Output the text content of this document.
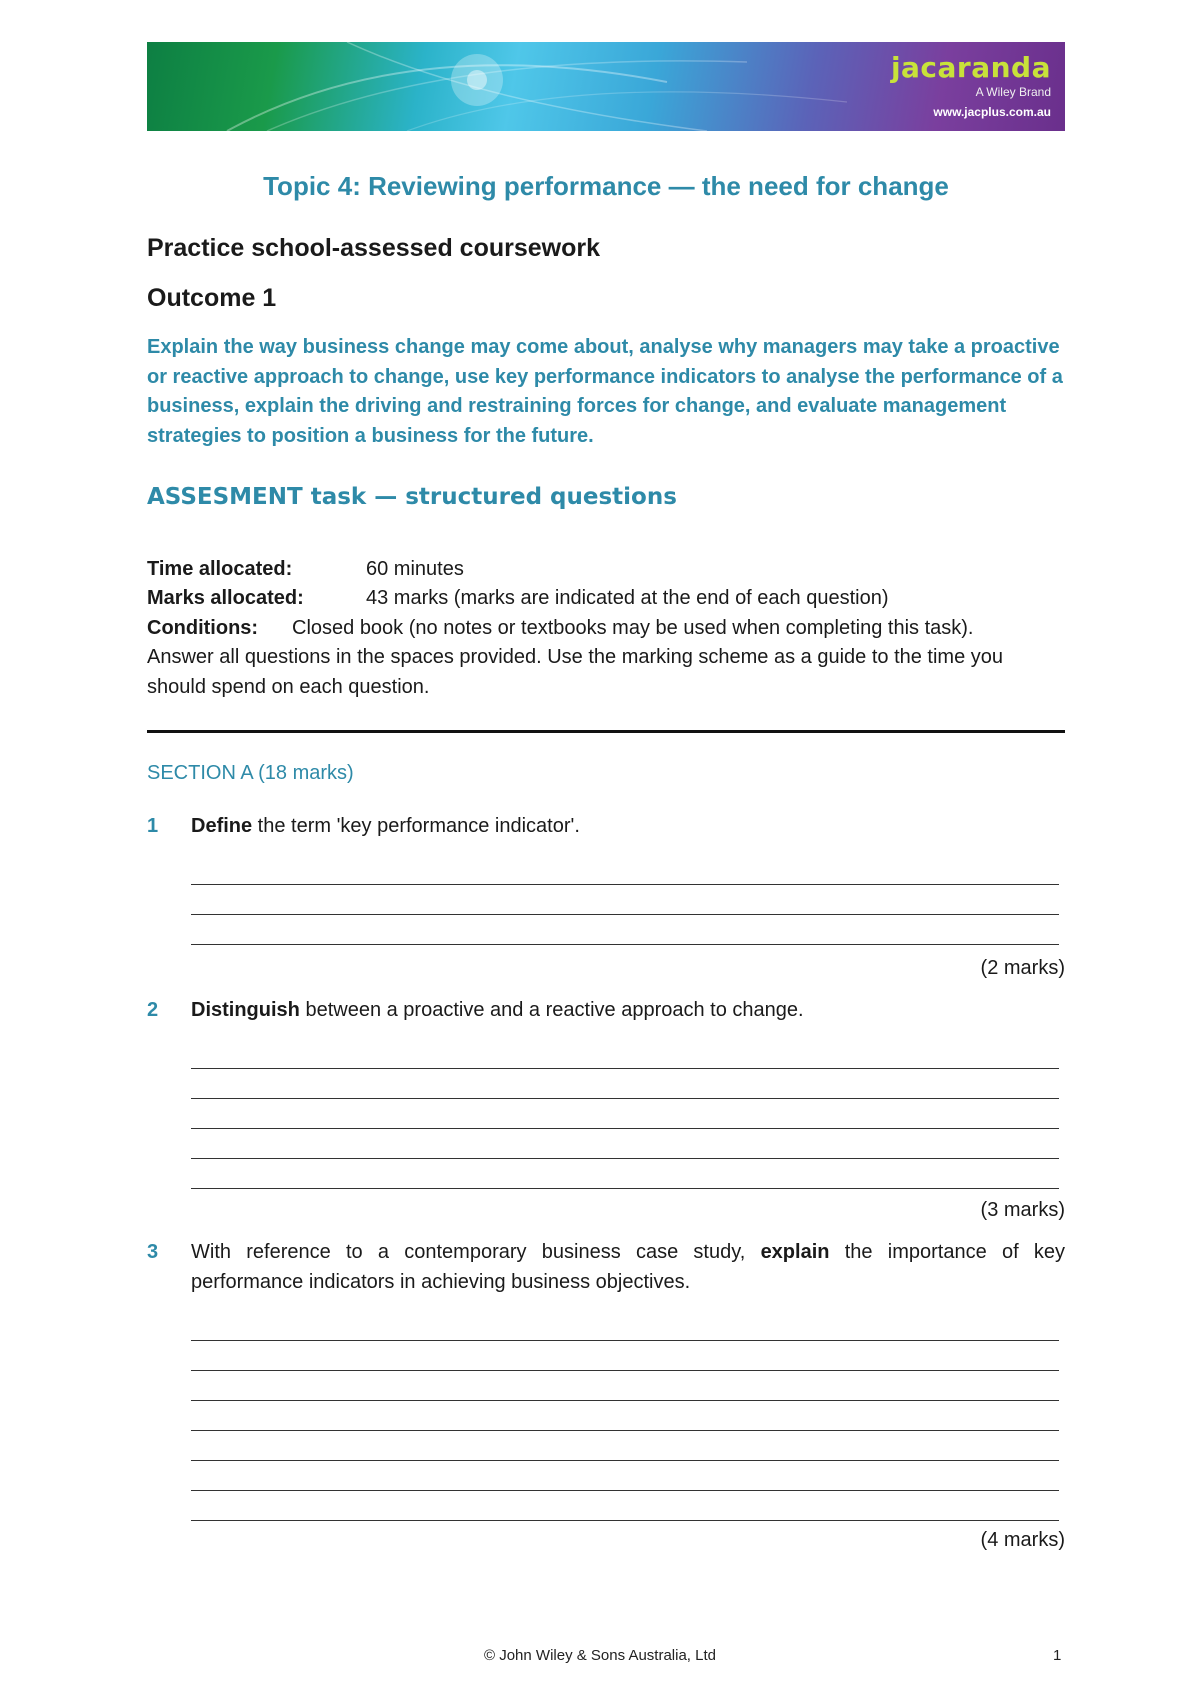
jacaranda
A Wiley Brand
www.jacplus.com.au
Topic 4: Reviewing performance — the need for change
Practice school-assessed coursework
Outcome 1
Explain the way business change may come about, analyse why managers may take a proactive or reactive approach to change, use key performance indicators to analyse the performance of a business, explain the driving and restraining forces for change, and evaluate management strategies to position a business for the future.
ASSESMENT task — structured questions
Time allocated:	60 minutes
Marks allocated:	43 marks (marks are indicated at the end of each question)
Conditions: Closed book (no notes or textbooks may be used when completing this task).
Answer all questions in the spaces provided. Use the marking scheme as a guide to the time you should spend on each question.
SECTION A (18 marks)
1 Define the term 'key performance indicator'.
(2 marks)
2 Distinguish between a proactive and a reactive approach to change.
(3 marks)
3 With reference to a contemporary business case study, explain the importance of key performance indicators in achieving business objectives.
(4 marks)
© John Wiley & Sons Australia, Ltd	1
